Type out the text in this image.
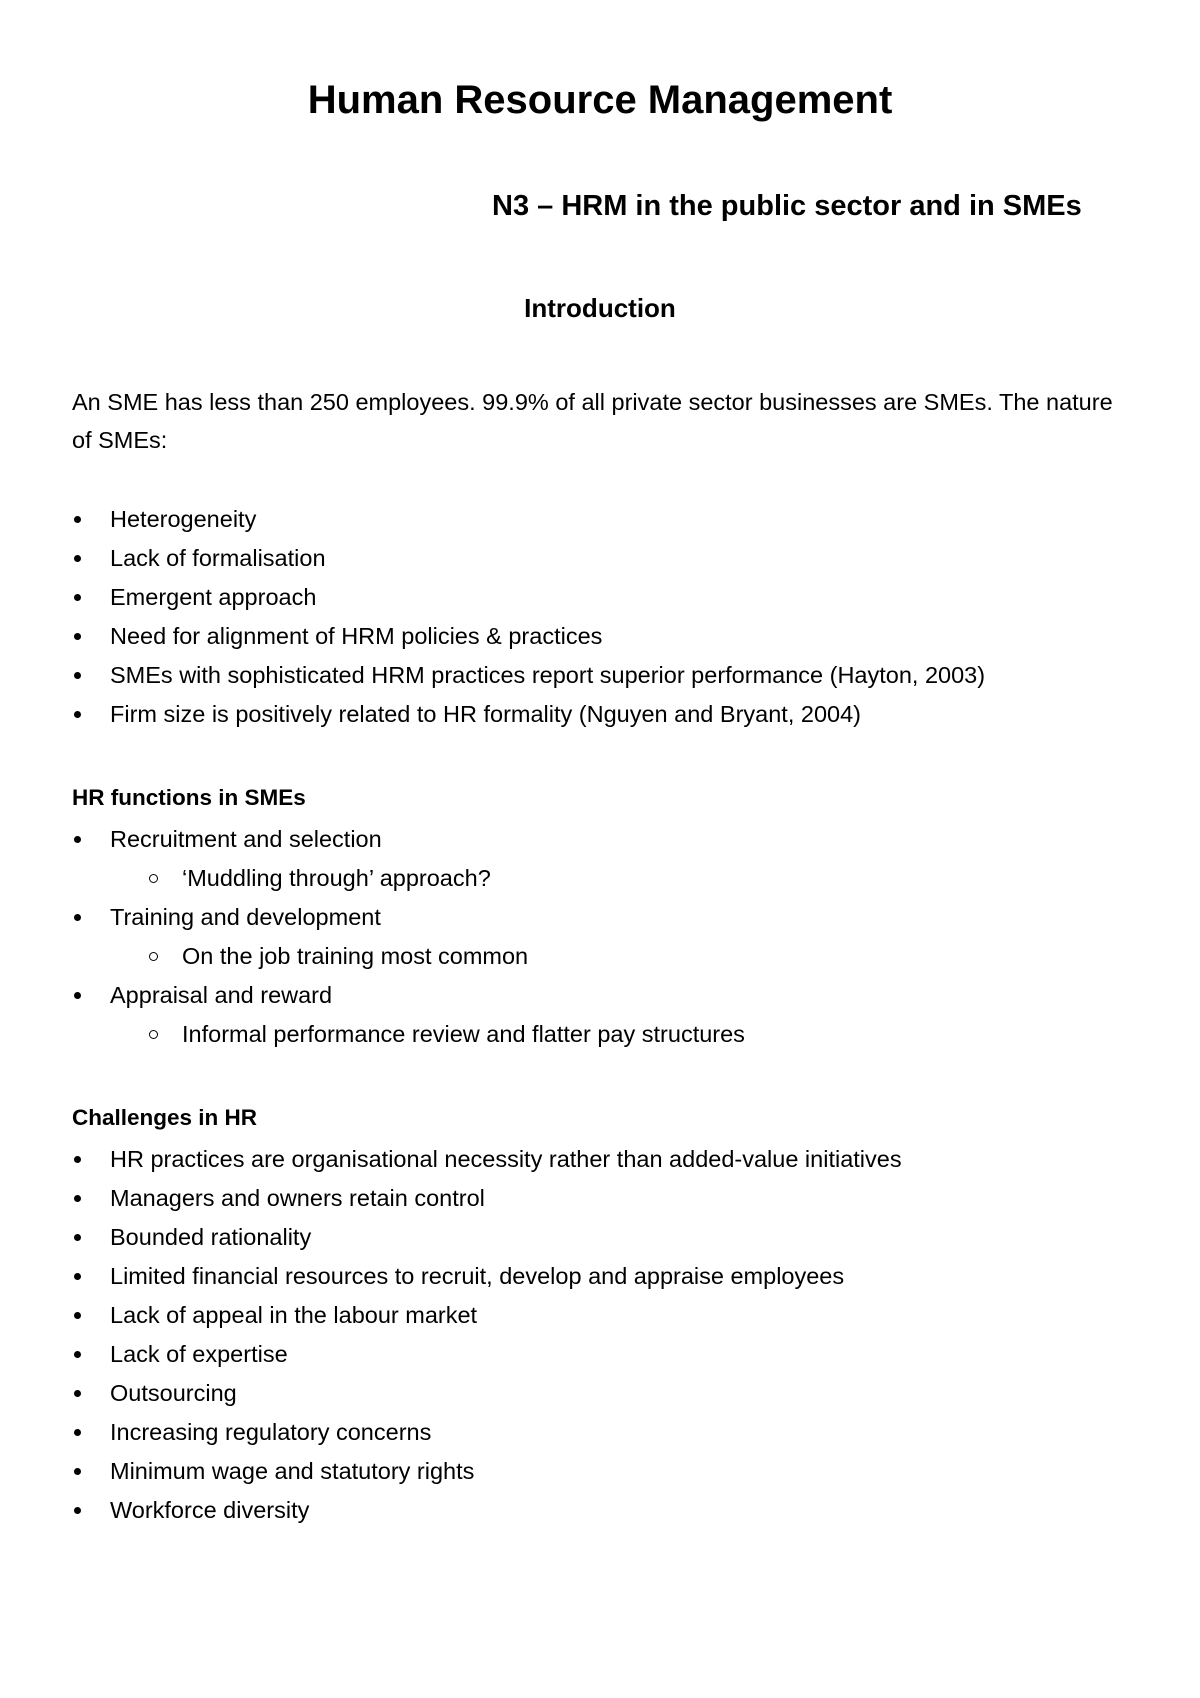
Human Resource Management
N3 – HRM in the public sector and in SMEs
Introduction

An SME has less than 250 employees. 99.9% of all private sector businesses are SMEs. The nature of SMEs:

Heterogeneity
Lack of formalisation
Emergent approach
Need for alignment of HRM policies & practices
SMEs with sophisticated HRM practices report superior performance (Hayton, 2003)
Firm size is positively related to HR formality (Nguyen and Bryant, 2004)
HR functions in SMEs
Recruitment and selection
‘Muddling through’ approach?
Training and development
On the job training most common
Appraisal and reward
Informal performance review and flatter pay structures
Challenges in HR
HR practices are organisational necessity rather than added-value initiatives
Managers and owners retain control
Bounded rationality
Limited financial resources to recruit, develop and appraise employees
Lack of appeal in the labour market
Lack of expertise
Outsourcing
Increasing regulatory concerns
Minimum wage and statutory rights
Workforce diversity
